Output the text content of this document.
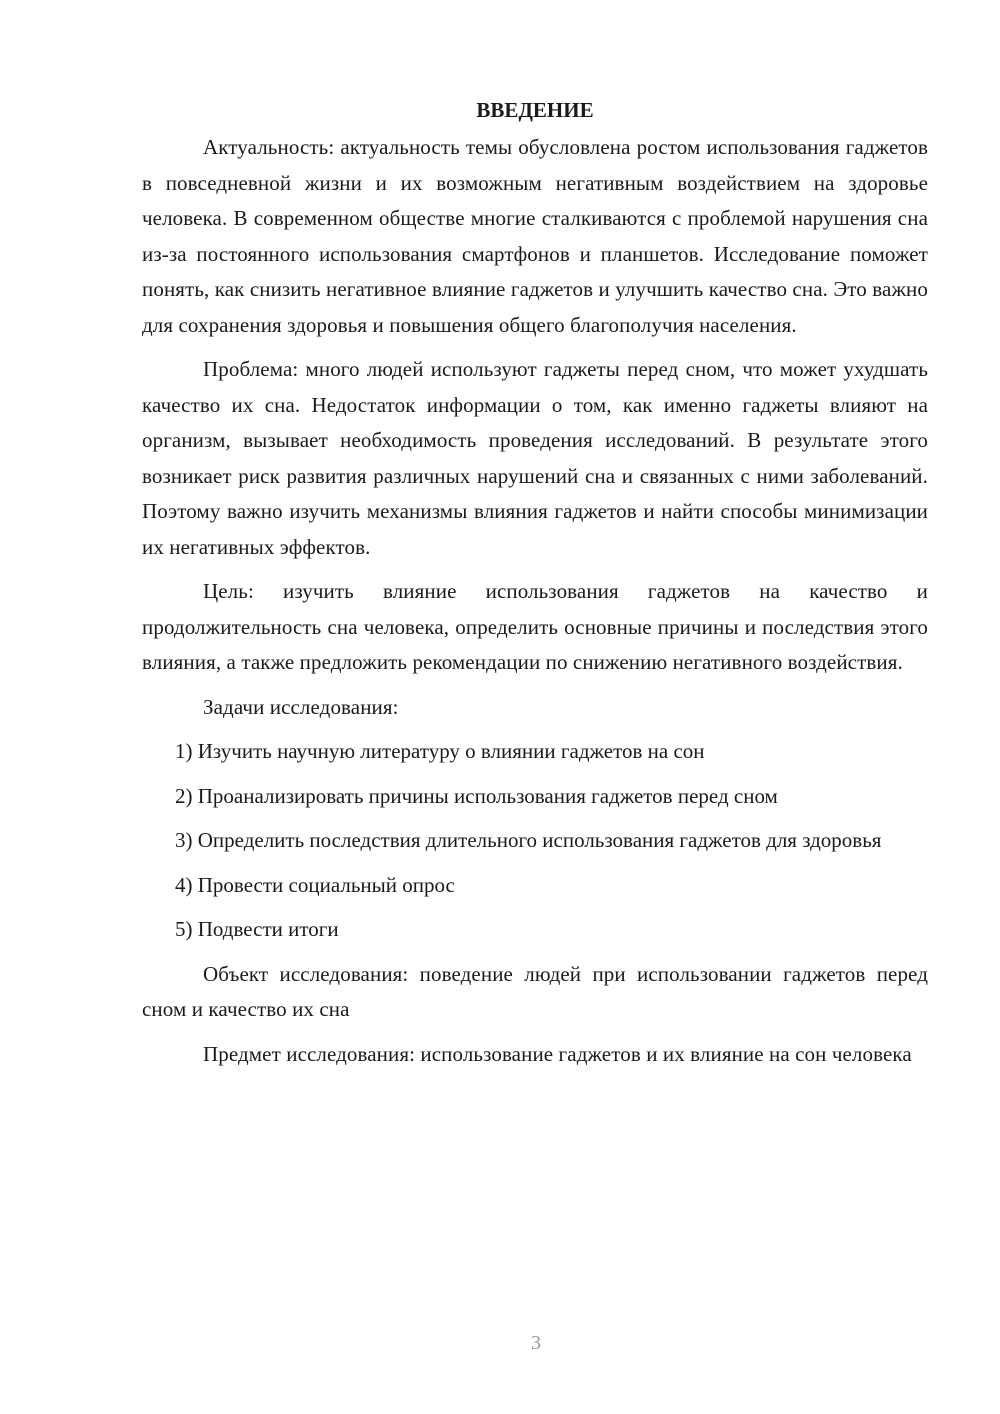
ВВЕДЕНИЕ

Актуальность: актуальность темы обусловлена ростом использования гаджетов в повседневной жизни и их возможным негативным воздействием на здоровье человека. В современном обществе многие сталкиваются с проблемой нарушения сна из-за постоянного использования смартфонов и планшетов. Исследование поможет понять, как снизить негативное влияние гаджетов и улучшить качество сна. Это важно для сохранения здоровья и повышения общего благополучия населения.

Проблема: много людей используют гаджеты перед сном, что может ухудшать качество их сна. Недостаток информации о том, как именно гаджеты влияют на организм, вызывает необходимость проведения исследований. В результате этого возникает риск развития различных нарушений сна и связанных с ними заболеваний. Поэтому важно изучить механизмы влияния гаджетов и найти способы минимизации их негативных эффектов.

Цель: изучить влияние использования гаджетов на качество и продолжительность сна человека, определить основные причины и последствия этого влияния, а также предложить рекомендации по снижению негативного воздействия.

Задачи исследования:

1) Изучить научную литературу о влиянии гаджетов на сон

2) Проанализировать причины использования гаджетов перед сном

3) Определить последствия длительного использования гаджетов для здоровья

4) Провести социальный опрос

5) Подвести итоги

Объект исследования: поведение людей при использовании гаджетов перед сном и качество их сна

Предмет исследования: использование гаджетов и их влияние на сон человека

3
